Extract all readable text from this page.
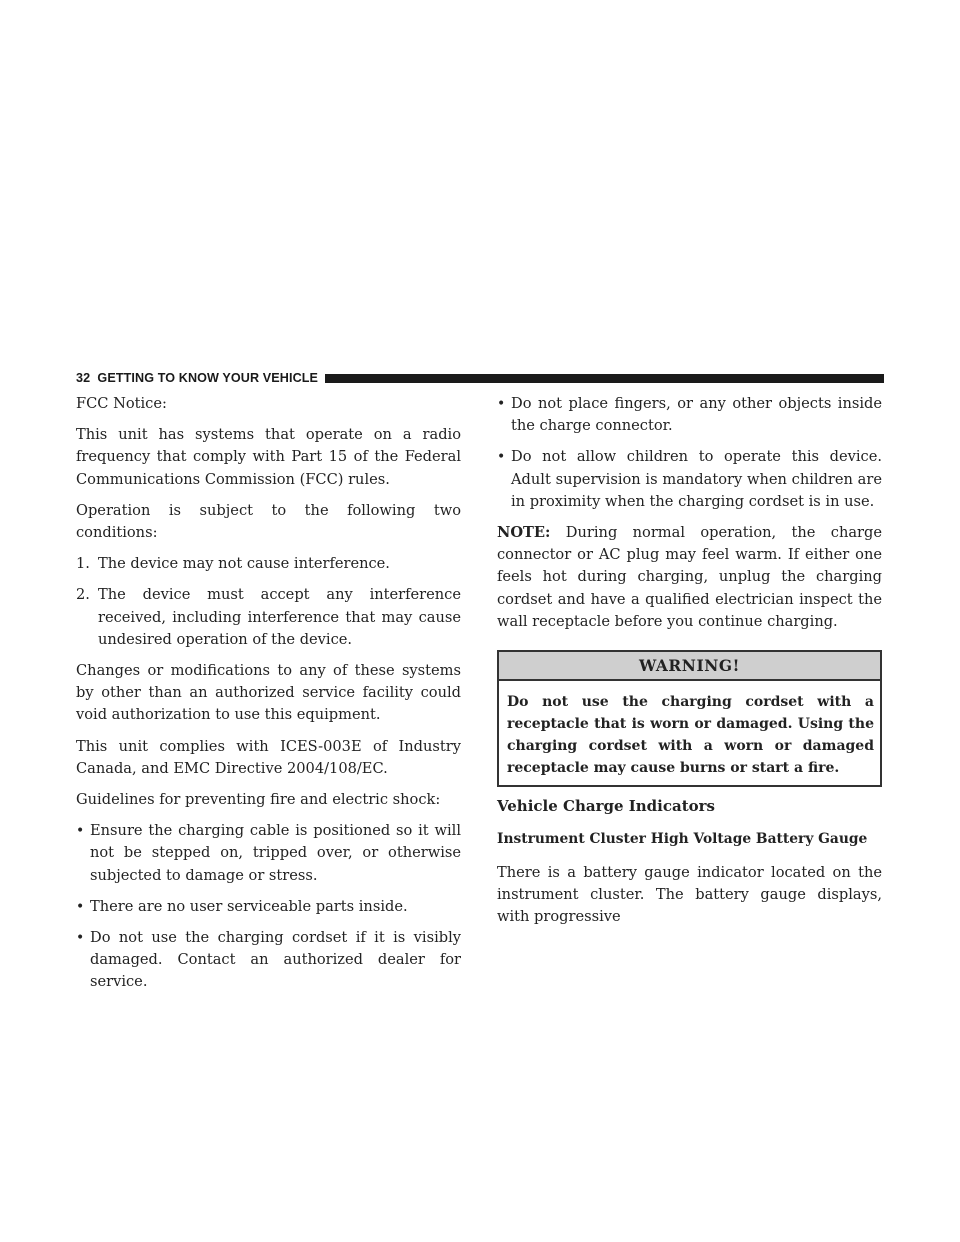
32 GETTING TO KNOW YOUR VEHICLE

FCC Notice:

This unit has systems that operate on a radio frequency that comply with Part 15 of the Federal Communications Commission (FCC) rules.

Operation is subject to the following two conditions:

1. The device may not cause interference.
2. The device must accept any interference received, including interference that may cause undesired operation of the device.

Changes or modifications to any of these systems by other than an authorized service facility could void authorization to use this equipment.

This unit complies with ICES-003E of Industry Canada, and EMC Directive 2004/108/EC.

Guidelines for preventing fire and electric shock:

• Ensure the charging cable is positioned so it will not be stepped on, tripped over, or otherwise subjected to damage or stress.
• There are no user serviceable parts inside.
• Do not use the charging cordset if it is visibly damaged. Contact an authorized dealer for service.
• Do not place fingers, or any other objects inside the charge connector.
• Do not allow children to operate this device. Adult supervision is mandatory when children are in proximity when the charging cordset is in use.

NOTE: During normal operation, the charge connector or AC plug may feel warm. If either one feels hot during charging, unplug the charging cordset and have a qualified electrician inspect the wall receptacle before you continue charging.

WARNING!
Do not use the charging cordset with a receptacle that is worn or damaged. Using the charging cordset with a worn or damaged receptacle may cause burns or start a fire.
Vehicle Charge Indicators
Instrument Cluster High Voltage Battery Gauge

There is a battery gauge indicator located on the instrument cluster. The battery gauge displays, with progressive
